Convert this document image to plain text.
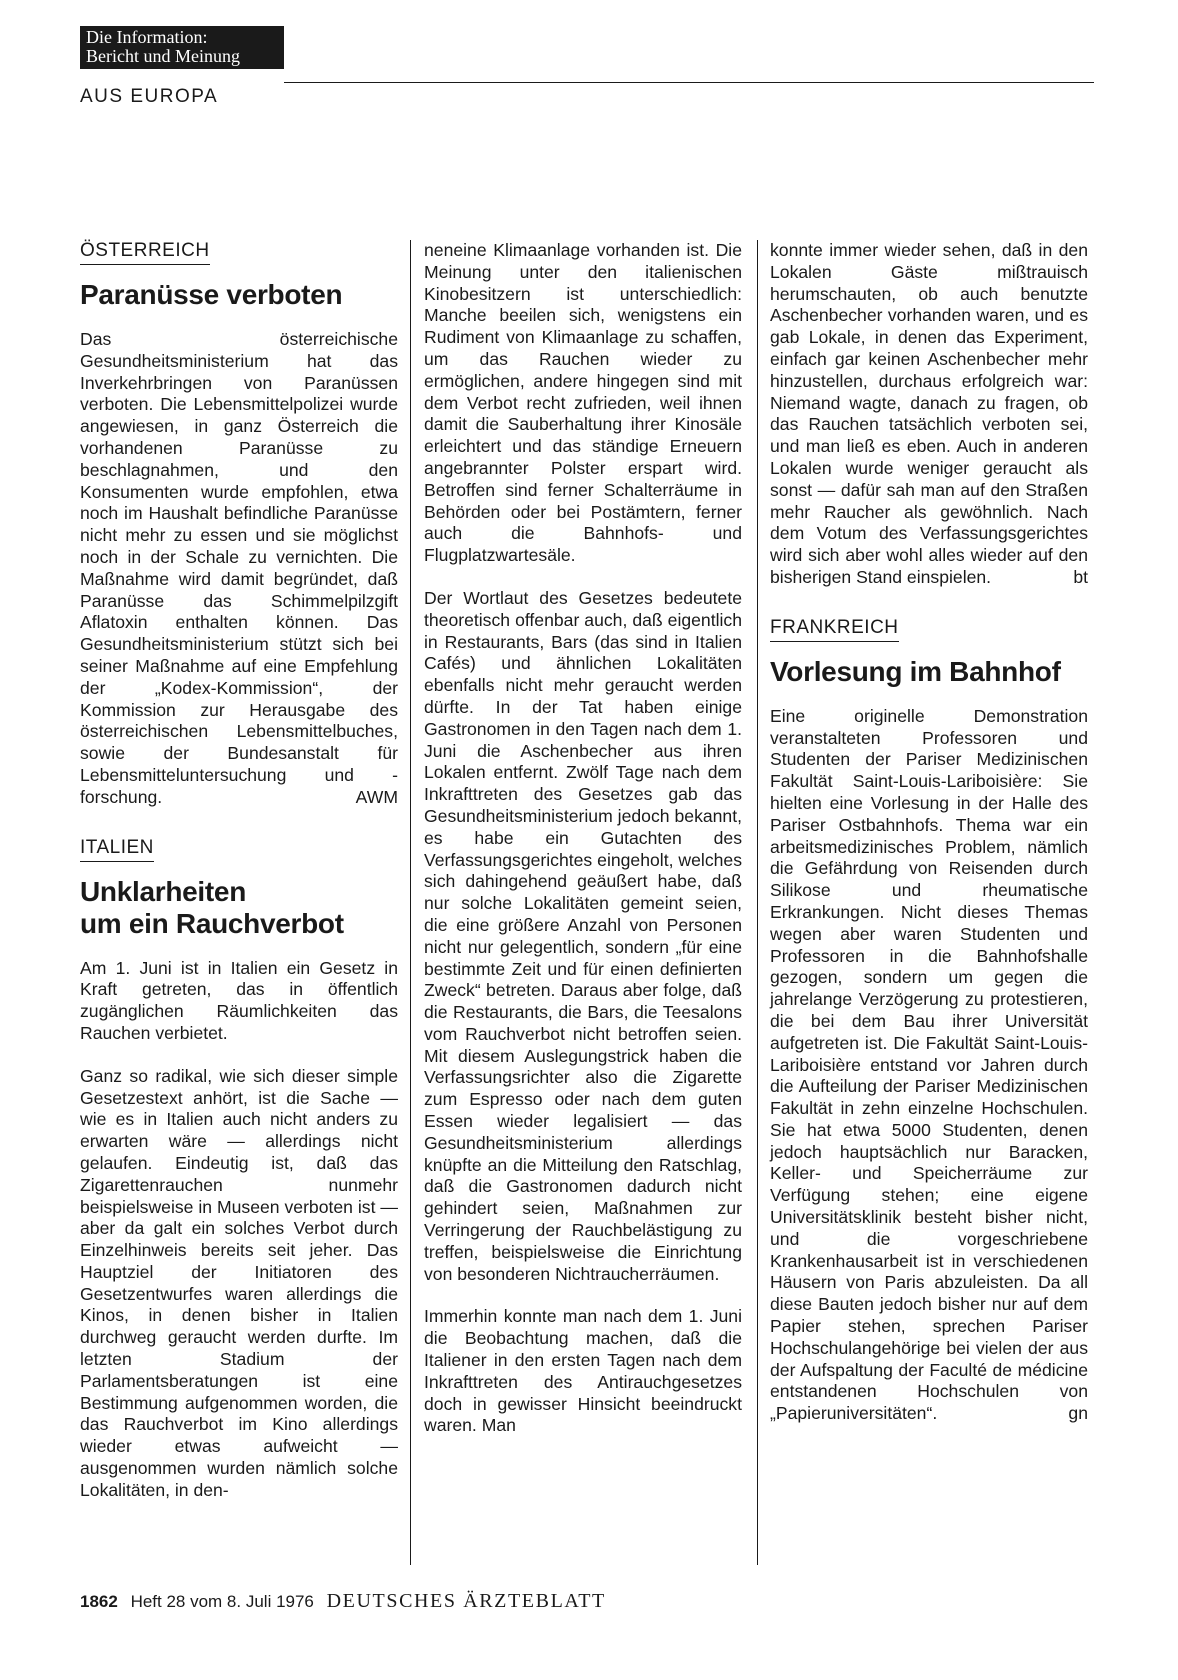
Die Information:
Bericht und Meinung
AUS EUROPA
ÖSTERREICH
Paranüsse verboten

Das österreichische Gesundheitsministerium hat das Inverkehrbringen von Paranüssen verboten. Die Lebensmittelpolizei wurde angewiesen, in ganz Österreich die vorhandenen Paranüsse zu beschlagnahmen, und den Konsumenten wurde empfohlen, etwa noch im Haushalt befindliche Paranüsse nicht mehr zu essen und sie möglichst noch in der Schale zu vernichten. Die Maßnahme wird damit begründet, daß Paranüsse das Schimmelpilzgift Aflatoxin enthalten können. Das Gesundheitsministerium stützt sich bei seiner Maßnahme auf eine Empfehlung der „Kodex-Kommission“, der Kommission zur Herausgabe des österreichischen Lebensmittelbuches, sowie der Bundesanstalt für Lebensmitteluntersuchung und -forschung.	AWM

ITALIEN
Unklarheiten
um ein Rauchverbot

Am 1. Juni ist in Italien ein Gesetz in Kraft getreten, das in öffentlich zugänglichen Räumlichkeiten das Rauchen verbietet.

Ganz so radikal, wie sich dieser simple Gesetzestext anhört, ist die Sache — wie es in Italien auch nicht anders zu erwarten wäre — allerdings nicht gelaufen. Eindeutig ist, daß das Zigarettenrauchen nunmehr beispielsweise in Museen verboten ist — aber da galt ein solches Verbot durch Einzelhinweis bereits seit jeher. Das Hauptziel der Initiatoren des Gesetzentwurfes waren allerdings die Kinos, in denen bisher in Italien durchweg geraucht werden durfte. Im letzten Stadium der Parlamentsberatungen ist eine Bestimmung aufgenommen worden, die das Rauchverbot im Kino allerdings wieder etwas aufweicht — ausgenommen wurden nämlich solche Lokalitäten, in den-

neneine Klimaanlage vorhanden ist. Die Meinung unter den italienischen Kinobesitzern ist unterschiedlich: Manche beeilen sich, wenigstens ein Rudiment von Klimaanlage zu schaffen, um das Rauchen wieder zu ermöglichen, andere hingegen sind mit dem Verbot recht zufrieden, weil ihnen damit die Sauberhaltung ihrer Kinosäle erleichtert und das ständige Erneuern angebrannter Polster erspart wird. Betroffen sind ferner Schalterräume in Behörden oder bei Postämtern, ferner auch die Bahnhofs- und Flugplatzwartesäle.

Der Wortlaut des Gesetzes bedeutete theoretisch offenbar auch, daß eigentlich in Restaurants, Bars (das sind in Italien Cafés) und ähnlichen Lokalitäten ebenfalls nicht mehr geraucht werden dürfte. In der Tat haben einige Gastronomen in den Tagen nach dem 1. Juni die Aschenbecher aus ihren Lokalen entfernt. Zwölf Tage nach dem Inkrafttreten des Gesetzes gab das Gesundheitsministerium jedoch bekannt, es habe ein Gutachten des Verfassungsgerichtes eingeholt, welches sich dahingehend geäußert habe, daß nur solche Lokalitäten gemeint seien, die eine größere Anzahl von Personen nicht nur gelegentlich, sondern „für eine bestimmte Zeit und für einen definierten Zweck“ betreten. Daraus aber folge, daß die Restaurants, die Bars, die Teesalons vom Rauchverbot nicht betroffen seien. Mit diesem Auslegungstrick haben die Verfassungsrichter also die Zigarette zum Espresso oder nach dem guten Essen wieder legalisiert — das Gesundheitsministerium allerdings knüpfte an die Mitteilung den Ratschlag, daß die Gastronomen dadurch nicht gehindert seien, Maßnahmen zur Verringerung der Rauchbelästigung zu treffen, beispielsweise die Einrichtung von besonderen Nichtraucherräumen.

Immerhin konnte man nach dem 1. Juni die Beobachtung machen, daß die Italiener in den ersten Tagen nach dem Inkrafttreten des Antirauchgesetzes doch in gewisser Hinsicht beeindruckt waren. Man

konnte immer wieder sehen, daß in den Lokalen Gäste mißtrauisch herumschauten, ob auch benutzte Aschenbecher vorhanden waren, und es gab Lokale, in denen das Experiment, einfach gar keinen Aschenbecher mehr hinzustellen, durchaus erfolgreich war: Niemand wagte, danach zu fragen, ob das Rauchen tatsächlich verboten sei, und man ließ es eben. Auch in anderen Lokalen wurde weniger geraucht als sonst — dafür sah man auf den Straßen mehr Raucher als gewöhnlich. Nach dem Votum des Verfassungsgerichtes wird sich aber wohl alles wieder auf den bisherigen Stand einspielen.	bt

FRANKREICH
Vorlesung im Bahnhof

Eine originelle Demonstration veranstalteten Professoren und Studenten der Pariser Medizinischen Fakultät Saint-Louis-Lariboisière: Sie hielten eine Vorlesung in der Halle des Pariser Ostbahnhofs. Thema war ein arbeitsmedizinisches Problem, nämlich die Gefährdung von Reisenden durch Silikose und rheumatische Erkrankungen. Nicht dieses Themas wegen aber waren Studenten und Professoren in die Bahnhofshalle gezogen, sondern um gegen die jahrelange Verzögerung zu protestieren, die bei dem Bau ihrer Universität aufgetreten ist. Die Fakultät Saint-Louis-Lariboisière entstand vor Jahren durch die Aufteilung der Pariser Medizinischen Fakultät in zehn einzelne Hochschulen. Sie hat etwa 5000 Studenten, denen jedoch hauptsächlich nur Baracken, Keller- und Speicherräume zur Verfügung stehen; eine eigene Universitätsklinik besteht bisher nicht, und die vorgeschriebene Krankenhausarbeit ist in verschiedenen Häusern von Paris abzuleisten. Da all diese Bauten jedoch bisher nur auf dem Papier stehen, sprechen Pariser Hochschulangehörige bei vielen der aus der Aufspaltung der Faculté de médicine entstandenen Hochschulen von „Papieruniversitäten“.	gn

1862 Heft 28 vom 8. Juli 1976 DEUTSCHES ÄRZTEBLATT
